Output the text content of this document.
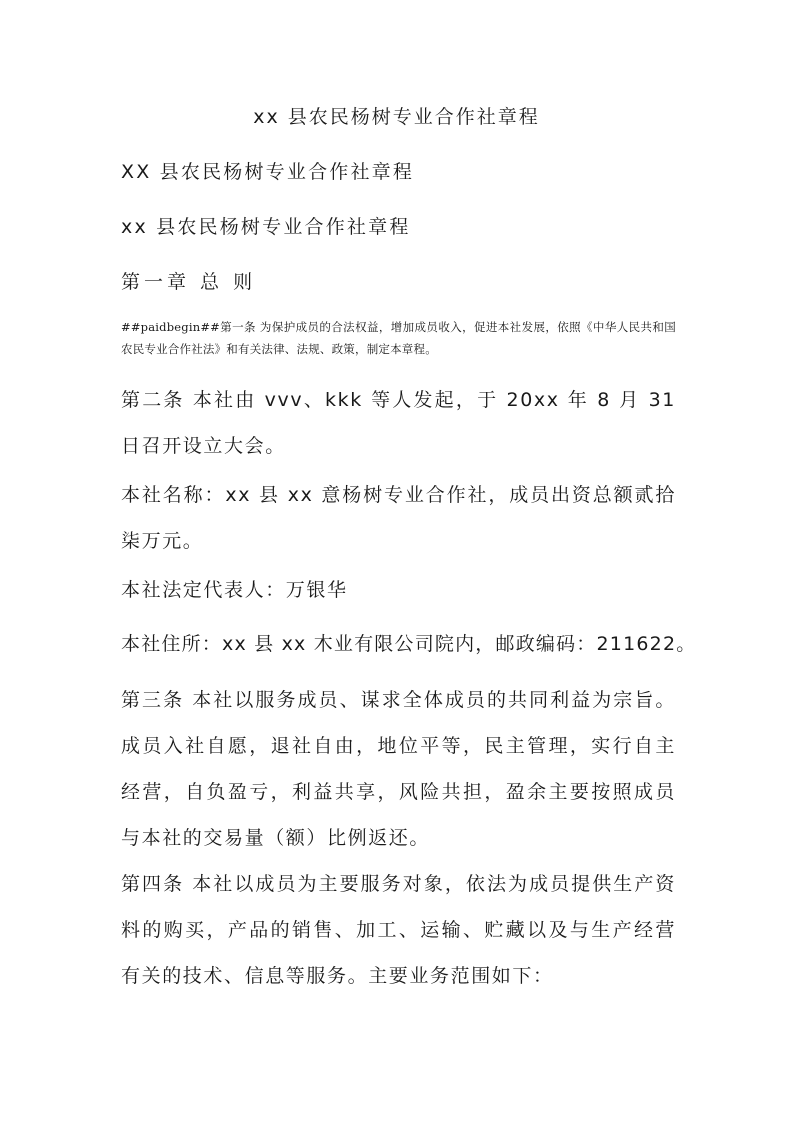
xx 县农民杨树专业合作社章程

XX 县农民杨树专业合作社章程

xx 县农民杨树专业合作社章程

第一章 总 则

##paidbegin##第一条 为保护成员的合法权益，增加成员收入，促进本社发展，依照《中华人民共和国农民专业合作社法》和有关法律、法规、政策，制定本章程。

第二条 本社由 vvv、kkk 等人发起，于 20xx 年 8 月 31 日召开设立大会。

本社名称：xx 县 xx 意杨树专业合作社，成员出资总额贰拾柒万元。

本社法定代表人：万银华

本社住所：xx 县 xx 木业有限公司院内，邮政编码：211622。

第三条 本社以服务成员、谋求全体成员的共同利益为宗旨。成员入社自愿，退社自由，地位平等，民主管理，实行自主经营，自负盈亏，利益共享，风险共担，盈余主要按照成员与本社的交易量（额）比例返还。

第四条 本社以成员为主要服务对象，依法为成员提供生产资料的购买，产品的销售、加工、运输、贮藏以及与生产经营有关的技术、信息等服务。主要业务范围如下：
